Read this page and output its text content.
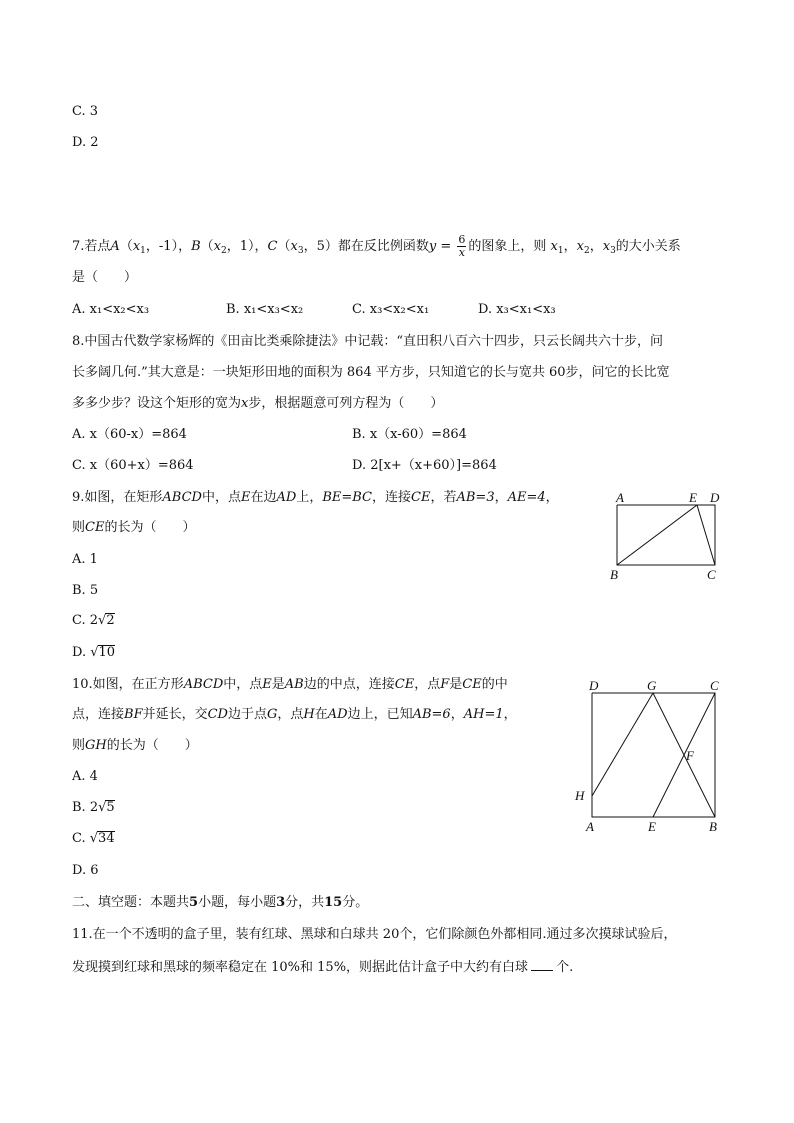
C. 3
D. 2
7.若点$A(x_1$，-1），$B(x_2$，1），$C(x_3$，5）都在反比例函数$y = \frac{6}{x}$ 的图象上，则 $x_1$，$x_2$，$x_3$的大小关系
是（　　）
A. x₁<x₂<x₃	B. x₁<x₃<x₂	C. x₃<x₂<x₁	D. x₃<x₁<x₃
8.中国古代数学家杨辉的《田亩比类乘除捷法》中记载：“直田积八百六十四步，只云长阔共六十步，问
长多阔几何.”其大意是：一块矩形田地的面积为 864 平方步，只知道它的长与宽共 60步，问它的长比宽
多多少步？设这个矩形的宽为x步，根据题意可列方程为（　　）
A. x（60-x）=864	B. x（x-60）=864
C. x（60+x）=864	D. 2[x+（x+60）]=864
9.如图，在矩形ABCD中，点E在边AD上，BE=BC，连接CE，若AB=3，AE=4，
则CE的长为（　　）
A. 1
B. 5
C. 2√2
D. √10
A	E D
B	C
10.如图，在正方形ABCD中，点E是AB边的中点，连接CE，点F是CE的中
点，连接BF并延长，交CD边于点G，点H在AD边上，已知AB=6，AH=1，
则GH的长为（　　）
A. 4
B. 2√5
C. √34
D. 6
D	G	C
F
H
A	E	B
二、填空题：本题共5小题，每小题3分，共15分。
11.在一个不透明的盒子里，装有红球、黑球和白球共 20个，它们除颜色外都相同.通过多次摸球试验后，
发现摸到红球和黑球的频率稳定在 10%和 15%，则据此估计盒子中大约有白球 个.
